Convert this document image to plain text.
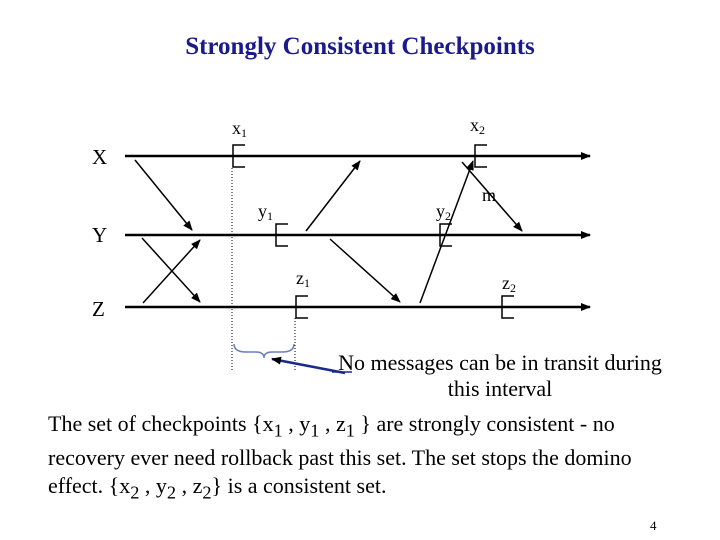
Strongly Consistent Checkpoints
X
Y
Z
$x_1$	$x_2$
$y_1$	$y_2$
$z_1$	$z_2$
m
No messages can be in transit during
this interval
The set of checkpoints {$x_1$ , $y_1$ , $z_1$ } are strongly consistent - no recovery ever need rollback past this set. The set stops the domino effect. {$x_2$ , $y_2$ , $z_2$} is a consistent set.
4
